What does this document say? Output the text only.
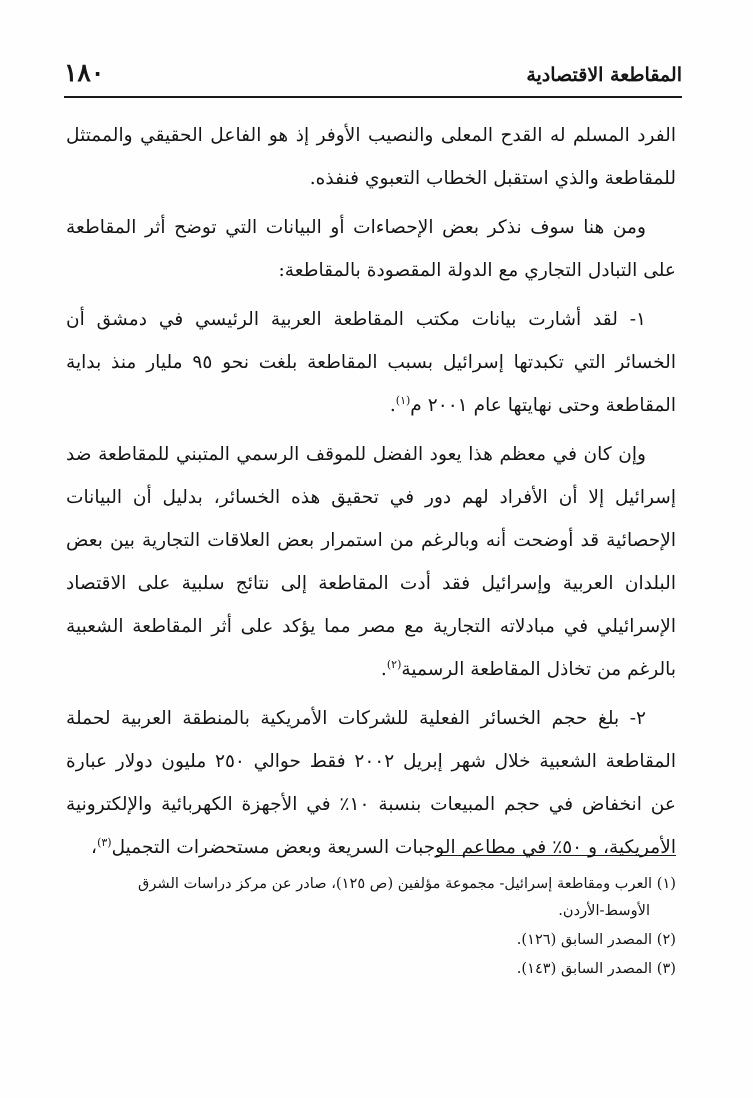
١٨٠	المقاطعة الاقتصادية

الفرد المسلم له القدح المعلى والنصيب الأوفر إذ هو الفاعل الحقيقي والممتثل للمقاطعة والذي استقبل الخطاب التعبوي فنفذه.

ومن هنا سوف نذكر بعض الإحصاءات أو البيانات التي توضح أثر المقاطعة على التبادل التجاري مع الدولة المقصودة بالمقاطعة:

١- لقد أشارت بيانات مكتب المقاطعة العربية الرئيسي في دمشق أن الخسائر التي تكبدتها إسرائيل بسبب المقاطعة بلغت نحو ٩٥ مليار منذ بداية المقاطعة وحتى نهايتها عام ٢٠٠١ م$^{(١)}$.

وإن كان في معظم هذا يعود الفضل للموقف الرسمي المتبني للمقاطعة ضد إسرائيل إلا أن الأفراد لهم دور في تحقيق هذه الخسائر، بدليل أن البيانات الإحصائية قد أوضحت أنه وبالرغم من استمرار بعض العلاقات التجارية بين بعض البلدان العربية وإسرائيل فقد أدت المقاطعة إلى نتائج سلبية على الاقتصاد الإسرائيلي في مبادلاته التجارية مع مصر مما يؤكد على أثر المقاطعة الشعبية بالرغم من تخاذل المقاطعة الرسمية$^{(٢)}$.

٢- بلغ حجم الخسائر الفعلية للشركات الأمريكية بالمنطقة العربية لحملة المقاطعة الشعبية خلال شهر إبريل ٢٠٠٢ فقط حوالي ٢٥٠ مليون دولار عبارة عن انخفاض في حجم المبيعات بنسبة ١٠٪ في الأجهزة الكهربائية والإلكترونية الأمريكية، و ٥٠٪ في مطاعم الوجبات السريعة وبعض مستحضرات التجميل$^{(٣)}$،

(١) العرب ومقاطعة إسرائيل- مجموعة مؤلفين (ص ١٢٥)، صادر عن مركز دراسات الشرق
الأوسط-الأردن.

(٢) المصدر السابق (١٢٦).

(٣) المصدر السابق (١٤٣).
